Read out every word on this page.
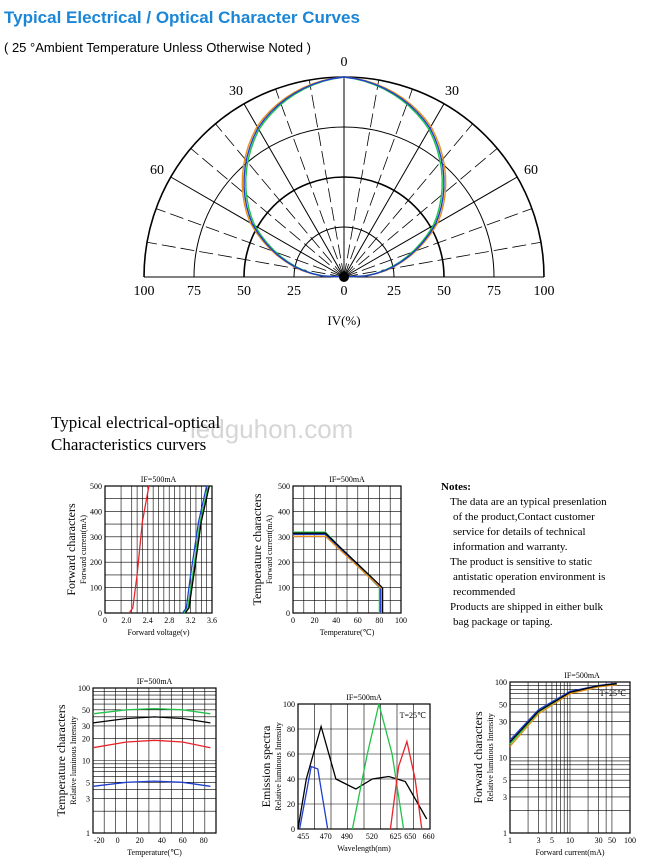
Typical Electrical / Optical Character Curves
( 25 °Ambient Temperature Unless Otherwise Noted )
0
30	30
60	60
100 75	50	25	0	25	50	75 100
IV(%)
ledguhon.com
Typical electrical-optical
Characteristics curvers
IF=500mA
0 2.0 2.4 2.8 3.2 3.6
0
100
200
300
400
500
Forward voltage(v)
Forward characters Forward current(mA)
IF=500mA
0 20 40 60 80 100
0
100
200
300
400
500
Temperature(℃)
Temperature characters Forward current(mA)
IF=500mA
-20 0 20 40 60 80
1
3
5
10
20
30
50
100
Temperature(℃)
Temperature characters Relative luminous Intensity
IF=500mA
455 470 490 520 625 650 660
0
20
40
60
80
100
Wavelength(nm)
Emission spectra Relative luminous Intensity
T=25℃
IF=500mA
1	3 5 10	30 50 100
1
3
5
10
30
50
100
Forward current(mA)
Forward characters Relative luminous Intensity
T=25℃

Notes:

The data are an typical presenlation

of the product,Contact customer

service for details of technical

information and warranty.

The product is sensitive to static

antistatic operation environment is

recommended

Products are shipped in either bulk

bag package or taping.
